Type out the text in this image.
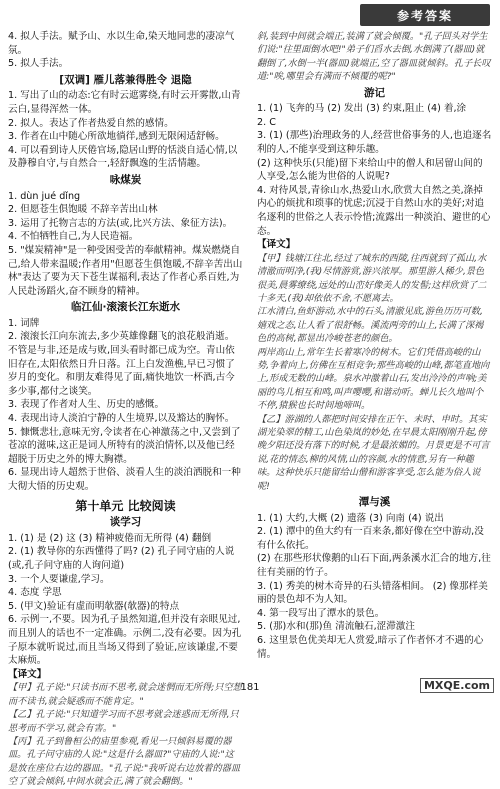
参考答案

4. 拟人手法。赋予山、水以生命,染天地同悲的凄凉气氛。

5. 拟人手法。

[双调] 雁儿落兼得胜令 退隐

1. 写出了山的动态:它有时云遮雾绕,有时云开雾散,山青云白,显得浑然一体。

2. 拟人。表达了作者热爱自然的感情。

3. 作者在山中随心所欲地徜徉,感到无限闲适舒畅。

4. 可以看到诗人厌倦官场,隐居山野的恬淡自适心情,以及静穆自守,与自然合一,轻舒飘逸的生活情趣。

咏煤炭

1. dùn jué dǐng

2. 但愿苍生俱饱暖 不辞辛苦出山林

3. 运用了托物言志的方法(或,比兴方法、象征方法)。

4. 不怕牺牲自己,为人民造福。

5. "煤炭精神"是一种受困受苦的奉献精神。煤炭燃烧自己,给人带来温暖;作者用"但愿苍生俱饱暖,不辞辛苦出山林"表达了要为天下苍生谋福利,表达了作者心系百姓,为人民赴汤蹈火,奋不顾身的精神。

临江仙·滚滚长江东逝水

1. 词牌

2. 滚滚长江向东流去,多少英雄像翻飞的浪花般消逝。不管是与非,还是成与败,回头看时都已成为空。青山依旧存在,太阳依然日升日落。江上白发渔樵,早已习惯了岁月的变化。和朋友难得见了面,痛快地饮一杯酒,古今多少事,都付之谈笑。

3. 表现了作者对人生、历史的感慨。

4. 表现出诗人淡泊宁静的人生境界,以及豁达的胸怀。

5. 慷慨悲壮,意味无穷,令读者在心神激荡之中,又尝到了苍凉的滋味,这正是词人所特有的淡泊情怀,以及他已经超脱于历史之外的博大胸襟。

6. 显现出诗人超然于世俗、淡看人生的淡泊洒脱和一种大彻大悟的历史观。

第十单元 比较阅读
谈学习

1. (1) 是 (2) 这 (3) 精神疲倦而无所得 (4) 翻倒

2. (1) 教导你的东西懂得了吗? (2) 孔子同守庙的人说(或,孔子问守庙的人询问道)

3. 一个人要谦虚,学习。

4. 态度 学思

5. (甲文)验证有虚而明欹器(欹器)的特点

6. 示例一,不要。因为孔子虽然知道,但并没有亲眼见过,而且别人的话也不一定准确。示例二,没有必要。因为孔子原本就听说过,而且当场又得到了验证,应该谦虚,不要太麻烦。

【译文】

【甲】孔子说:"只读书而不思考,就会迷惘而无所得;只空想而不读书,就会疑惑而不能肯定。"

【乙】孔子说:"只知道学习而不思考就会迷惑而无所得,只思考而不学习,就会有害。"

【丙】孔子到鲁桓公的庙里参观,看见一只倾斜易覆的器皿。孔子问守庙的人说:"这是什么器皿?"守庙的人说:"这是放在座位右边的器皿。"孔子说:"我听说右边放着的器皿空了就会倾斜,中间水就会正,满了就会翻倒。"

斜,装到中间就会端正,装满了就会倾覆。"孔子回头对学生们说:"往里面倒水吧!"弟子们舀水去倒,水倒满了(器皿)就翻倒了,水倒一半(器皿)就端正,空了器皿就倾斜。孔子长叹道:"唉,哪里会有满而不倾覆的呢?"

游记

1. (1) 飞奔的马 (2) 发出 (3) 约束,阻止 (4) 着,涂

2. C

3. (1) (那些)治理政务的人,经营世俗事务的人,也追逐名利的人,不能享受到这种乐趣。

(2) 这种快乐(只能)留下来给山中的僧人和居留山间的人享受,怎么能为世俗的人说呢?

4. 对待风景,青徐山水,热爱山水,欣赏大自然之美,涤掉内心的烦扰和琐事的忧虑;沉浸于自然山水的美好;对追名逐利的世俗之人表示怜惜;流露出一种淡泊、避世的心态。

【译文】

【甲】钱塘江往北,经过了城东的西陵,往西就到了孤山,水清澈而明净,(我)尽情游赏,游兴浓厚。那里游人稀少,景色很美,晨雾缭绕,远处的山峦好像美人的发髻;这样欣赏了二十多天,(我)却依依不舍,不愿离去。

江水清白,鱼虾游动,水中的石头,清澈见底,游鱼历历可数,嬉戏之态,让人看了很舒畅。溪流两旁的山上,长满了深褐色的高树,都显出冷峻苍老的颜色。

两岸高山上,常年生长着寒冷的树木。它们凭借高峻的山势,争着向上,仿佛在互相竞争;那些高峻的山峰,都笔直地向上,形成无数的山峰。泉水冲激着山石,发出泠泠的声响;美丽的鸟儿相互和鸣,叫声嘤嘤,和谐动听。蝉儿长久地叫个不停,猿猴也长时间地啼叫。

【乙】游湖的人都把时间安排在正午、未时、申时。其实湖光染翠的精工,山色染岚的妙处,在早晨太阳刚刚升起,傍晚夕阳还没有落下的时候,才是最浓媚的。月景更是不可言说,花的情态,柳的风情,山的容颜,水的情意,另有一种趣味。这种快乐只能留给山僧和游客享受,怎么能为俗人说呢!

潭与溪

1. (1) 大约,大概 (2) 遗落 (3) 向南 (4) 说出

2. (1) 潭中的鱼大约有一百来条,都好像在空中游动,没有什么依托。

(2) 在那些形状像鹅的山石下面,两条溪水汇合的地方,往往有美丽的竹子。

3. (1) 秀美的树木奇异的石头错落相间。 (2) 像那样美丽的景色却不为人知。

4. 第一段写出了潭水的景色。

5. (那)水和(那)鱼 清流触石,涩滞激注

6. 这里景色优美却无人赏爱,暗示了作者怀才不遇的心情。

181	MXQE.com
